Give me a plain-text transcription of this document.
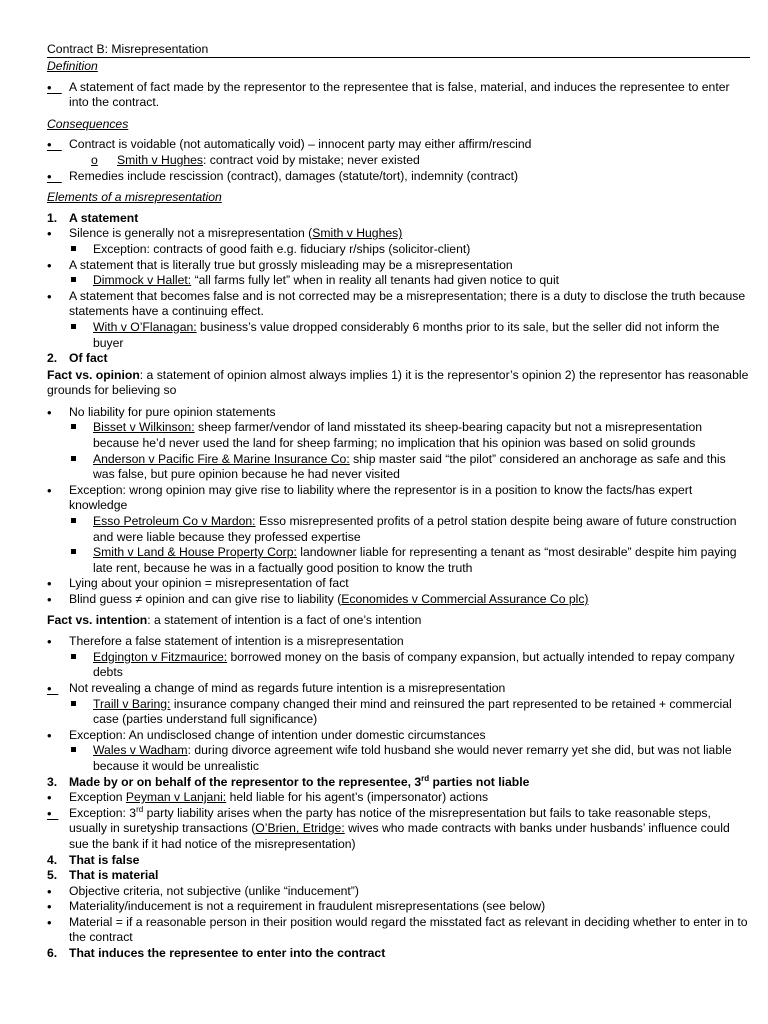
Contract B: Misrepresentation
Definition
•	A statement of fact made by the representor to the representee that is false, material, and induces the representee to enter into the contract.
Consequences
•	Contract is voidable (not automatically void) – innocent party may either affirm/rescind
o	Smith v Hughes: contract void by mistake; never existed
•	Remedies include rescission (contract), damages (statute/tort), indemnity (contract)
Elements of a misrepresentation
1. A statement
•	Silence is generally not a misrepresentation (Smith v Hughes)
Exception: contracts of good faith e.g. fiduciary r/ships (solicitor-client)
•	A statement that is literally true but grossly misleading may be a misrepresentation
Dimmock v Hallet: “all farms fully let” when in reality all tenants had given notice to quit
•	A statement that becomes false and is not corrected may be a misrepresentation; there is a duty to disclose the truth because statements have a continuing effect.
With v O’Flanagan: business’s value dropped considerably 6 months prior to its sale, but the seller did not inform the buyer
2. Of fact
Fact vs. opinion: a statement of opinion almost always implies 1) it is the representor’s opinion 2) the representor has reasonable grounds for believing so
•	No liability for pure opinion statements
Bisset v Wilkinson: sheep farmer/vendor of land misstated its sheep-bearing capacity but not a misrepresentation because he’d never used the land for sheep farming; no implication that his opinion was based on solid grounds
Anderson v Pacific Fire & Marine Insurance Co: ship master said “the pilot” considered an anchorage as safe and this was false, but pure opinion because he had never visited
•	Exception: wrong opinion may give rise to liability where the representor is in a position to know the facts/has expert knowledge
Esso Petroleum Co v Mardon: Esso misrepresented profits of a petrol station despite being aware of future construction and were liable because they professed expertise
Smith v Land & House Property Corp: landowner liable for representing a tenant as “most desirable” despite him paying late rent, because he was in a factually good position to know the truth
•	Lying about your opinion = misrepresentation of fact
•	Blind guess ≠ opinion and can give rise to liability (Economides v Commercial Assurance Co plc)
Fact vs. intention: a statement of intention is a fact of one’s intention
•	Therefore a false statement of intention is a misrepresentation
Edgington v Fitzmaurice: borrowed money on the basis of company expansion, but actually intended to repay company debts
•	Not revealing a change of mind as regards future intention is a misrepresentation
Traill v Baring: insurance company changed their mind and reinsured the part represented to be retained + commercial case (parties understand full significance)
•	Exception: An undisclosed change of intention under domestic circumstances
Wales v Wadham: during divorce agreement wife told husband she would never remarry yet she did, but was not liable because it would be unrealistic
3. Made by or on behalf of the representor to the representee, 3rd parties not liable
•	Exception Peyman v Lanjani: held liable for his agent’s (impersonator) actions
•	Exception: 3rd party liability arises when the party has notice of the misrepresentation but fails to take reasonable steps, usually in suretyship transactions (O’Brien, Etridge: wives who made contracts with banks under husbands’ influence could sue the bank if it had notice of the misrepresentation)
4. That is false
5. That is material
•	Objective criteria, not subjective (unlike “inducement”)
•	Materiality/inducement is not a requirement in fraudulent misrepresentations (see below)
•	Material = if a reasonable person in their position would regard the misstated fact as relevant in deciding whether to enter in to the contract
6. That induces the representee to enter into the contract
